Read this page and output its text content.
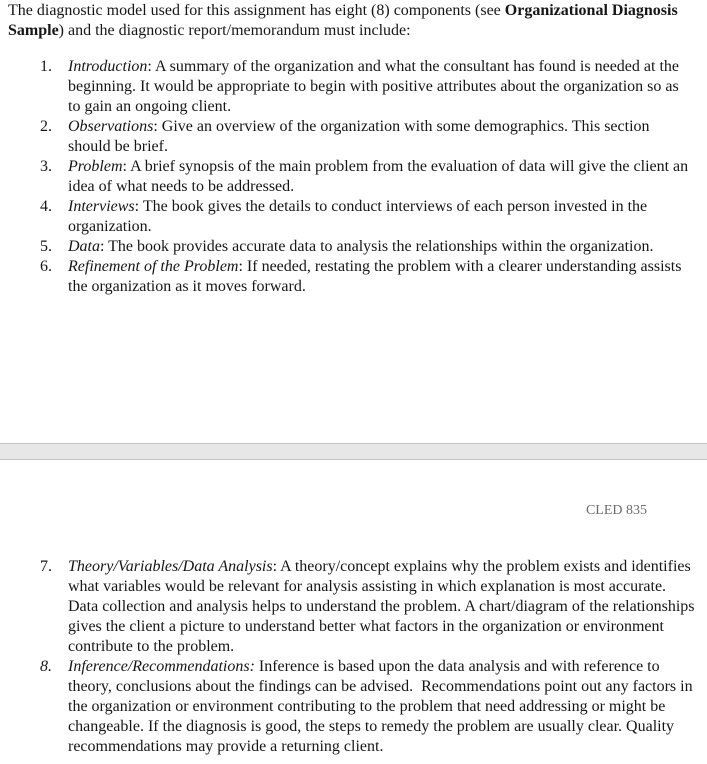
The diagnostic model used for this assignment has eight (8) components (see Organizational Diagnosis Sample) and the diagnostic report/memorandum must include:

1.	Introduction: A summary of the organization and what the consultant has found is needed at the beginning. It would be appropriate to begin with positive attributes about the organization so as to gain an ongoing client.
2.	Observations: Give an overview of the organization with some demographics. This section should be brief.
3.	Problem: A brief synopsis of the main problem from the evaluation of data will give the client an idea of what needs to be addressed.
4.	Interviews: The book gives the details to conduct interviews of each person invested in the organization.
5.	Data: The book provides accurate data to analysis the relationships within the organization.
6.	Refinement of the Problem: If needed, restating the problem with a clearer understanding assists the organization as it moves forward.
CLED 835
7.	Theory/Variables/Data Analysis: A theory/concept explains why the problem exists and identifies what variables would be relevant for analysis assisting in which explanation is most accurate. Data collection and analysis helps to understand the problem. A chart/diagram of the relationships gives the client a picture to understand better what factors in the organization or environment contribute to the problem.
8.	Inference/Recommendations: Inference is based upon the data analysis and with reference to theory, conclusions about the findings can be advised.  Recommendations point out any factors in the organization or environment contributing to the problem that need addressing or might be changeable. If the diagnosis is good, the steps to remedy the problem are usually clear. Quality recommendations may provide a returning client.
